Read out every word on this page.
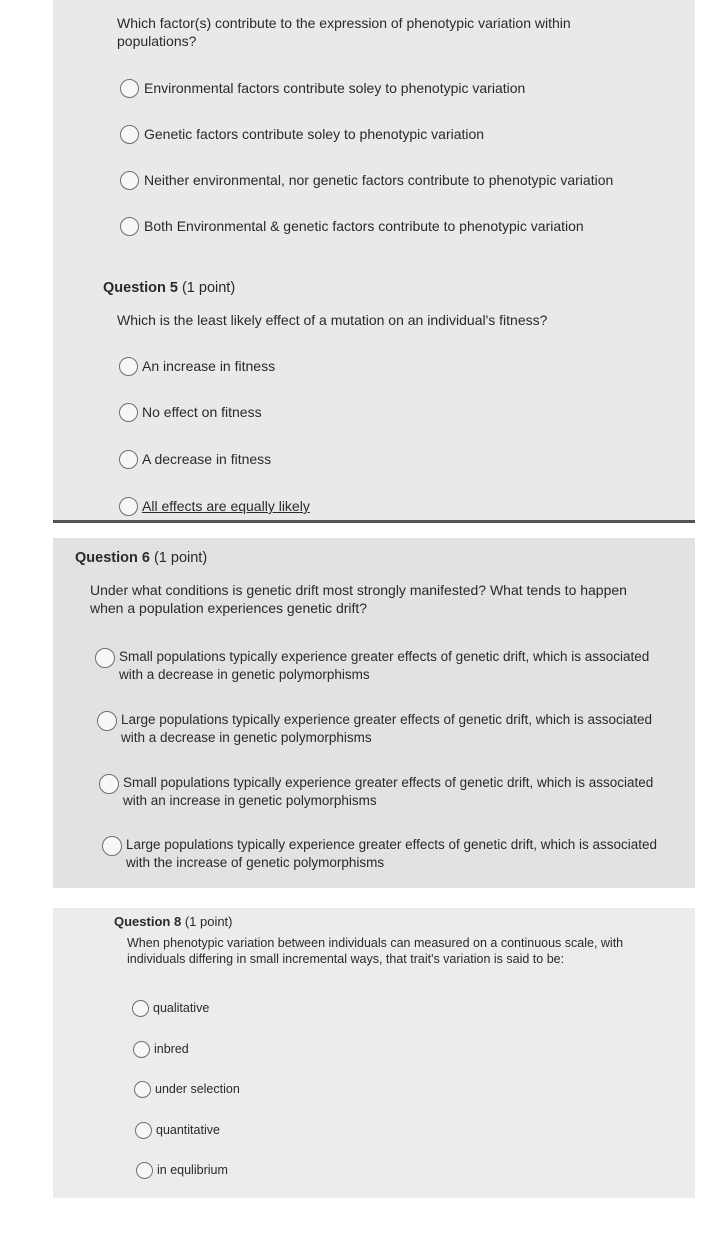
Which factor(s) contribute to the expression of phenotypic variation within populations?
Environmental factors contribute soley to phenotypic variation
Genetic factors contribute soley to phenotypic variation
Neither environmental, nor genetic factors contribute to phenotypic variation
Both Environmental & genetic factors contribute to phenotypic variation
Question 5 (1 point)
Which is the least likely effect of a mutation on an individual's fitness?
An increase in fitness
No effect on fitness
A decrease in fitness
All effects are equally likely
Question 6 (1 point)
Under what conditions is genetic drift most strongly manifested? What tends to happen when a population experiences genetic drift?
Small populations typically experience greater effects of genetic drift, which is associated with a decrease in genetic polymorphisms
Large populations typically experience greater effects of genetic drift, which is associated with a decrease in genetic polymorphisms
Small populations typically experience greater effects of genetic drift, which is associated with an increase in genetic polymorphisms
Large populations typically experience greater effects of genetic drift, which is associated with the increase of genetic polymorphisms
Question 8 (1 point)
When phenotypic variation between individuals can measured on a continuous scale, with individuals differing in small incremental ways, that trait's variation is said to be:
qualitative
inbred
under selection
quantitative
in equlibrium
